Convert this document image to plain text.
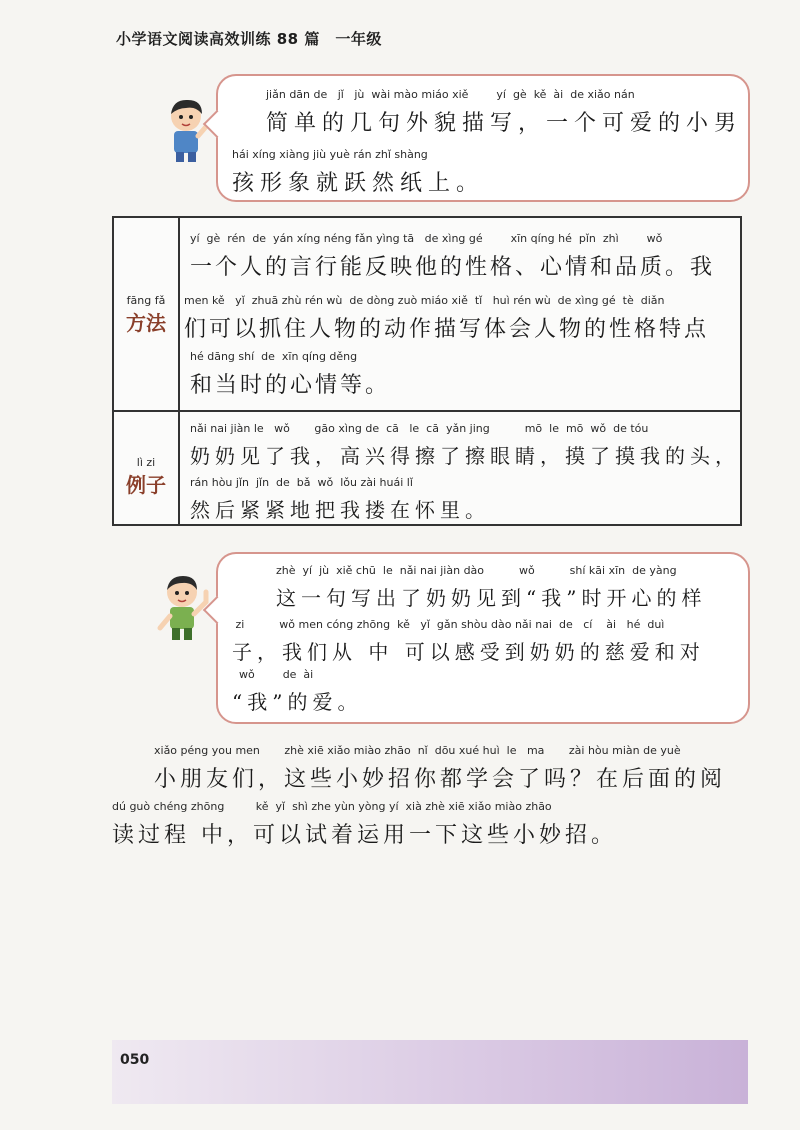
小学语文阅读高效训练 88 篇　一年级
jiǎn dān de   jǐ   jù  wài mào miáo xiě        yí  gè  kě  ài  de xiǎo nán
简单的几句外貌描写，一个可爱的小男
hái xíng xiàng jiù yuè rán zhǐ shàng
孩形象就跃然纸上。
fāng fǎ
方法
yí  gè  rén  de  yán xíng néng fǎn yìng tā   de xìng gé        xīn qíng hé  pǐn  zhì        wǒ
一个人的言行能反映他的性格、心情和品质。我
men kě   yǐ  zhuā zhù rén wù  de dòng zuò miáo xiě  tǐ   huì rén wù  de xìng gé  tè  diǎn
们可以抓住人物的动作描写体会人物的性格特点
hé dāng shí  de  xīn qíng děng
和当时的心情等。
lì zi
例子
nǎi nai jiàn le   wǒ       gāo xìng de  cā   le  cā  yǎn jing          mō  le  mō  wǒ  de tóu
奶奶见了我，高兴得擦了擦眼睛，摸了摸我的头，
rán hòu jǐn  jǐn  de  bǎ  wǒ  lǒu zài huái lǐ
然后紧紧地把我搂在怀里。
zhè  yí  jù  xiě chū  le  nǎi nai jiàn dào          wǒ          shí kāi xīn  de yàng
这一句写出了奶奶见到“我”时开心的样
zi          wǒ men cóng zhōng  kě   yǐ  gǎn shòu dào nǎi nai  de   cí    ài   hé  duì
子，我们从 中 可以感受到奶奶的慈爱和对
wǒ        de  ài
“我”的爱。
xiǎo péng you men       zhè xiē xiǎo miào zhāo  nǐ  dōu xué huì  le   ma       zài hòu miàn de yuè
小朋友们，这些小妙招你都学会了吗？在后面的阅
dú guò chéng zhōng         kě  yǐ  shì zhe yùn yòng yí  xià zhè xiē xiǎo miào zhāo
读过程 中，可以试着运用一下这些小妙招。
050
